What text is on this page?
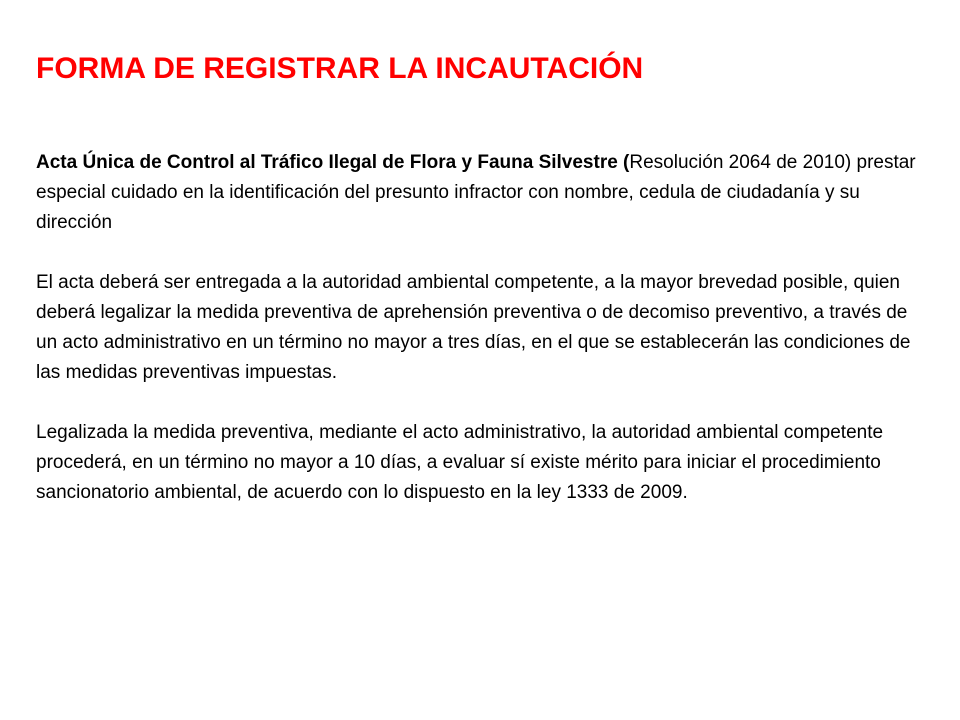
FORMA DE REGISTRAR LA INCAUTACIÓN

Acta Única de Control al Tráfico Ilegal de Flora y Fauna Silvestre (Resolución 2064 de 2010) prestar especial cuidado en la identificación del presunto infractor con nombre, cedula de ciudadanía y su dirección

El acta deberá ser entregada a la autoridad ambiental competente, a la mayor brevedad posible, quien deberá legalizar la medida preventiva de aprehensión preventiva o de decomiso preventivo, a través de un acto administrativo en un término no mayor a tres días, en el que se establecerán las condiciones de las medidas preventivas impuestas.

Legalizada la medida preventiva, mediante el acto administrativo, la autoridad ambiental competente procederá, en un término no mayor a 10 días, a evaluar sí existe mérito para iniciar el procedimiento sancionatorio ambiental, de acuerdo con lo dispuesto en la ley 1333 de 2009.
